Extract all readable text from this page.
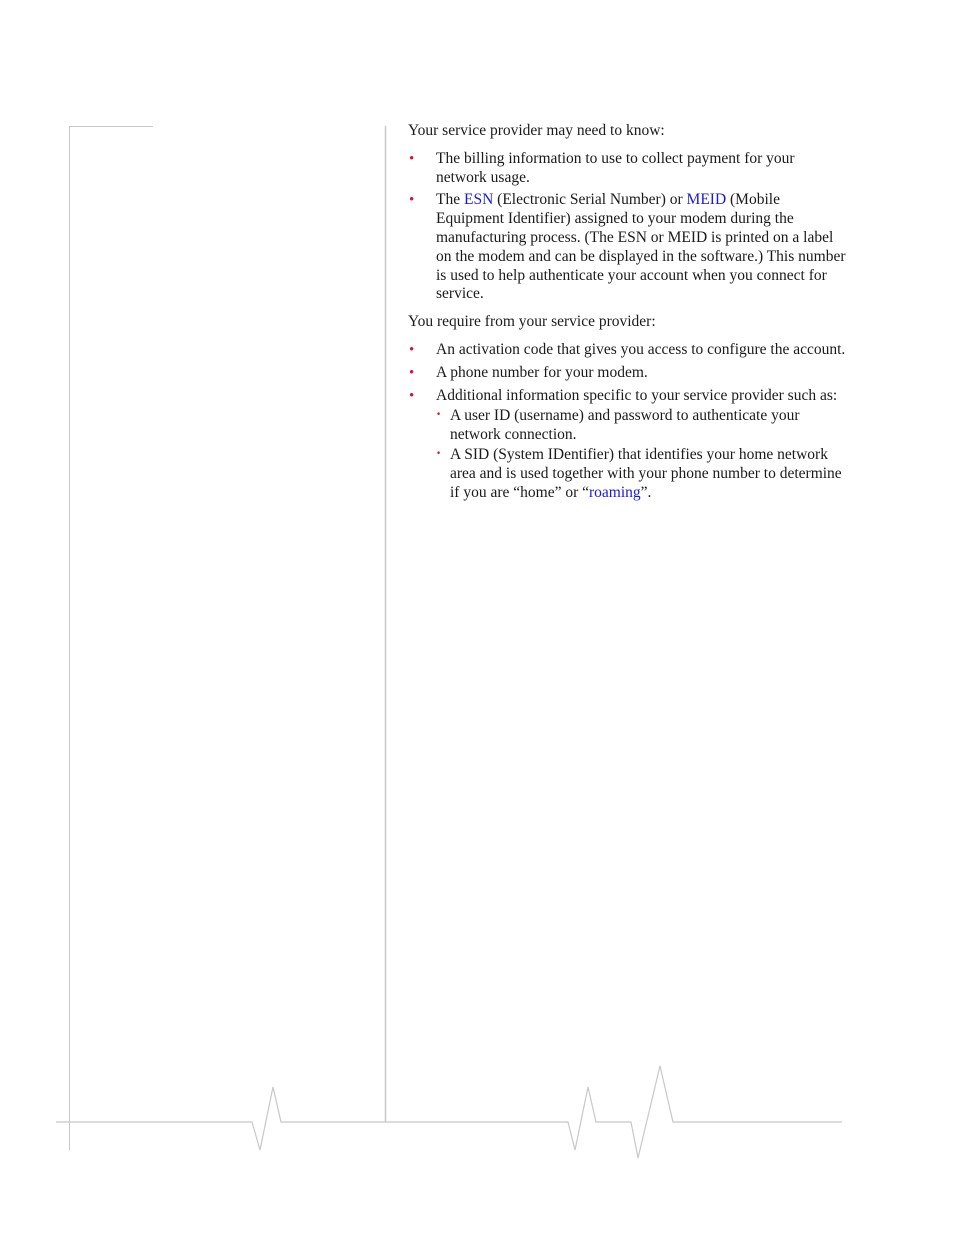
Your service provider may need to know:

• The billing information to use to collect payment for your network usage.
• The ESN (Electronic Serial Number) or MEID (Mobile Equipment Identifier) assigned to your modem during the manufacturing process. (The ESN or MEID is printed on a label on the modem and can be displayed in the software.) This number is used to help authenticate your account when you connect for service.

You require from your service provider:

• An activation code that gives you access to configure the account.
• A phone number for your modem.
• Additional information specific to your service provider such as:
· A user ID (username) and password to authenticate your network connection.
· A SID (System IDentifier) that identifies your home network area and is used together with your phone number to determine if you are “home” or “roaming”.
